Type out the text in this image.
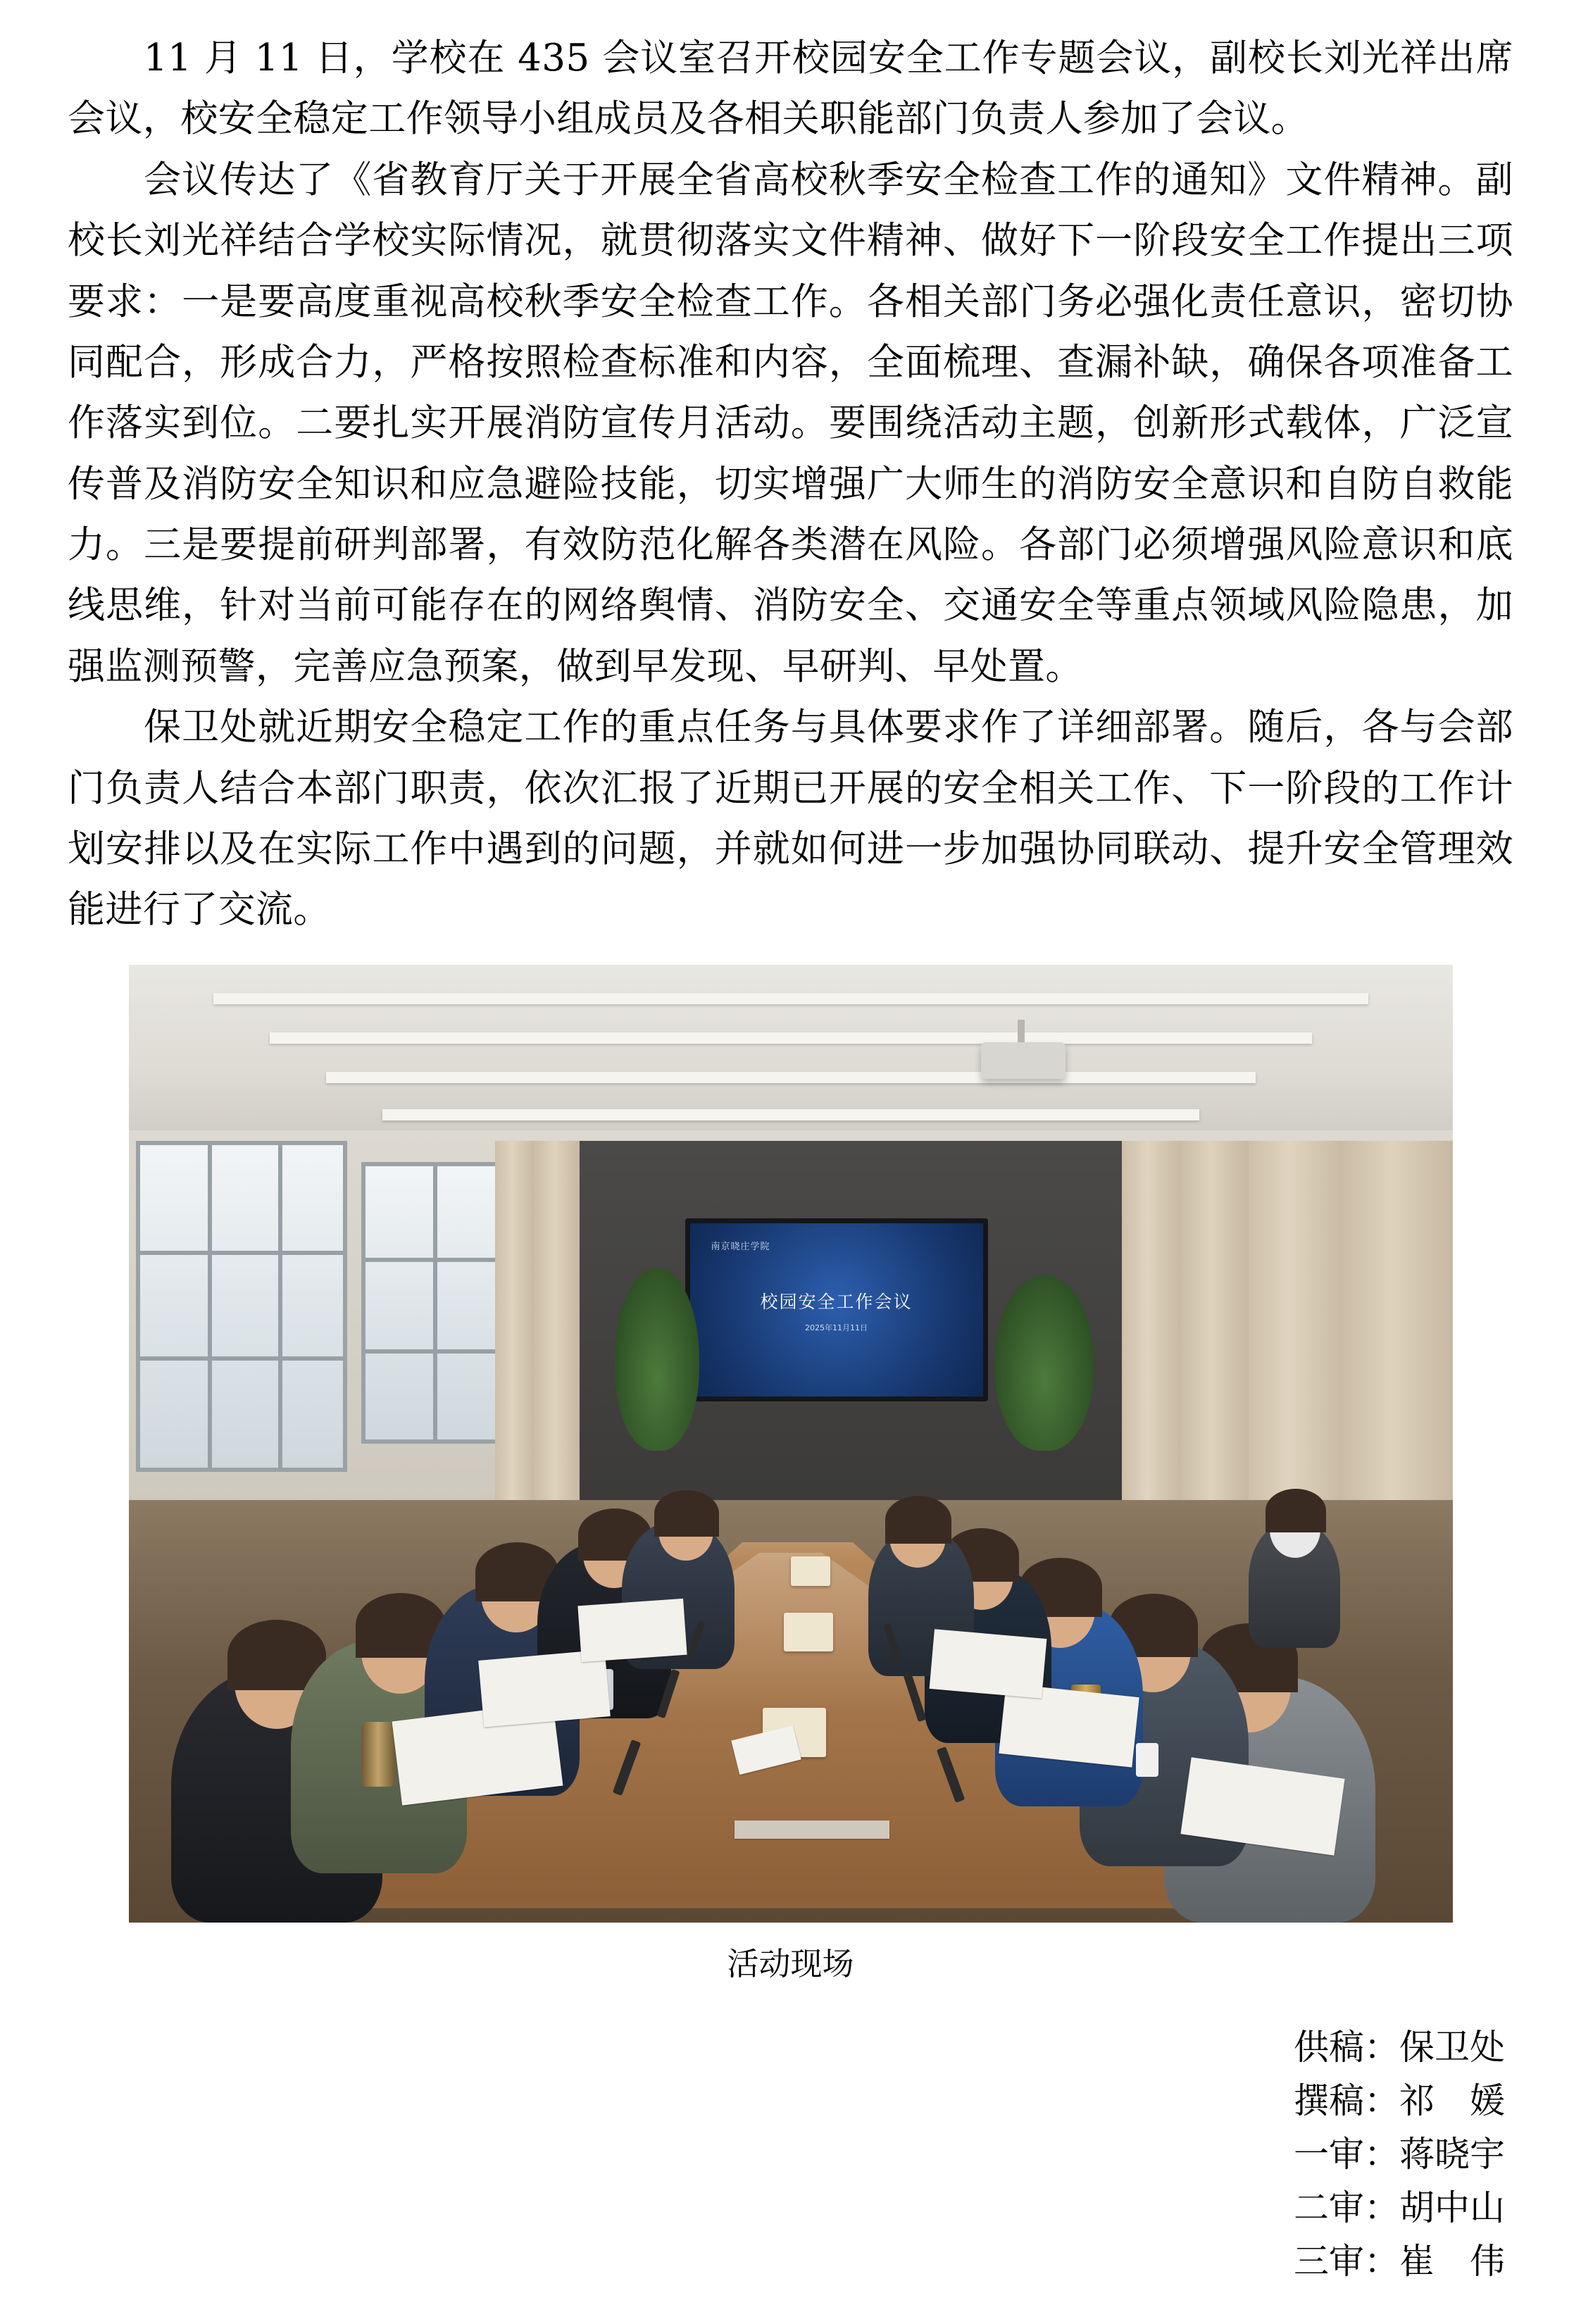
11 月 11 日，学校在 435 会议室召开校园安全工作专题会议，副校长刘光祥出席会议，校安全稳定工作领导小组成员及各相关职能部门负责人参加了会议。

会议传达了《省教育厅关于开展全省高校秋季安全检查工作的通知》文件精神。副校长刘光祥结合学校实际情况，就贯彻落实文件精神、做好下一阶段安全工作提出三项要求：一是要高度重视高校秋季安全检查工作。各相关部门务必强化责任意识，密切协同配合，形成合力，严格按照检查标准和内容，全面梳理、查漏补缺，确保各项准备工作落实到位。二要扎实开展消防宣传月活动。要围绕活动主题，创新形式载体，广泛宣传普及消防安全知识和应急避险技能，切实增强广大师生的消防安全意识和自防自救能力。三是要提前研判部署，有效防范化解各类潜在风险。各部门必须增强风险意识和底线思维，针对当前可能存在的网络舆情、消防安全、交通安全等重点领域风险隐患，加强监测预警，完善应急预案，做到早发现、早研判、早处置。

保卫处就近期安全稳定工作的重点任务与具体要求作了详细部署。随后，各与会部门负责人结合本部门职责，依次汇报了近期已开展的安全相关工作、下一阶段的工作计划安排以及在实际工作中遇到的问题，并就如何进一步加强协同联动、提升安全管理效能进行了交流。

南京晓庄学院
校园安全工作会议
2025年11月11日
活动现场
供稿：保卫处
撰稿：祁　媛
一审：蒋晓宇
二审：胡中山
三审：崔　伟
